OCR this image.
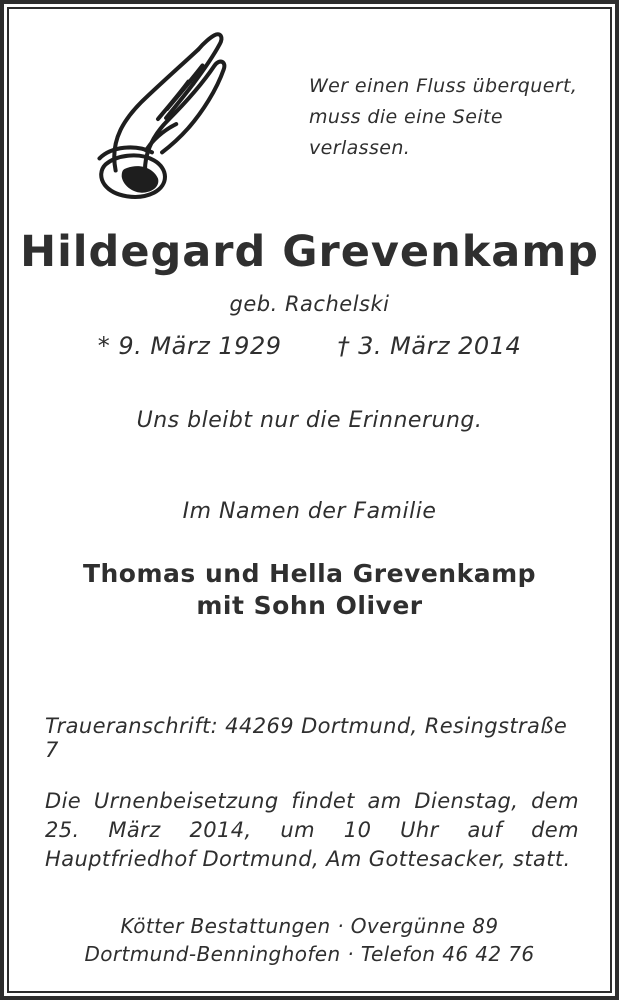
Wer einen Fluss überquert,
muss die eine Seite verlassen.
Hildegard Grevenkamp
geb. Rachelski
* 9. März 1929 † 3. März 2014
Uns bleibt nur die Erinnerung.
Im Namen der Familie
Thomas und Hella Grevenkamp
mit Sohn Oliver
Traueranschrift: 44269 Dortmund, Resingstraße 7
Die Urnenbeisetzung findet am Dienstag, dem 25. März 2014, um 10 Uhr auf dem Hauptfriedhof Dortmund, Am Gottesacker, statt.
Kötter Bestattungen · Overgünne 89
Dortmund-Benninghofen · Telefon 46 42 76
